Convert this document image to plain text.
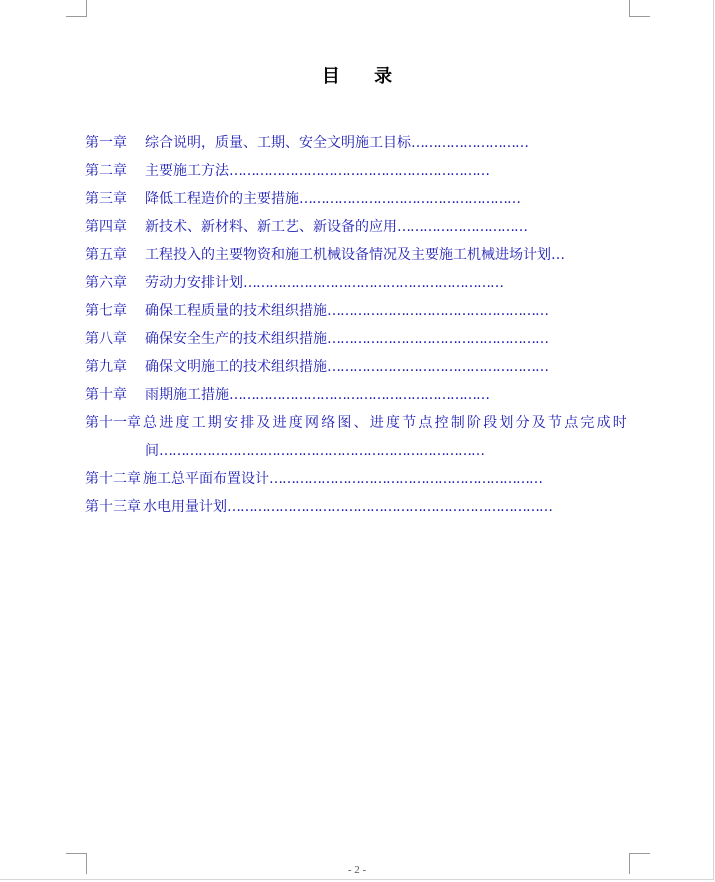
目 录
第一章 综合说明，质量、工期、安全文明施工目标………………………
第二章 主要施工方法……………………………………………………
第三章 降低工程造价的主要措施……………………………………………
第四章 新技术、新材料、新工艺、新设备的应用…………………………
第五章 工程投入的主要物资和施工机械设备情况及主要施工机械进场计划…
第六章 劳动力安排计划……………………………………………………
第七章 确保工程质量的技术组织措施……………………………………………
第八章 确保安全生产的技术组织措施……………………………………………
第九章 确保文明施工的技术组织措施……………………………………………
第十章 雨期施工措施……………………………………………………
第十一章 总进度工期安排及进度网络图、进度节点控制阶段划分及节点完成时
间…………………………………………………………………
第十二章 施工总平面布置设计………………………………………………………
第十三章 水电用量计划…………………………………………………………………
- 2 -
